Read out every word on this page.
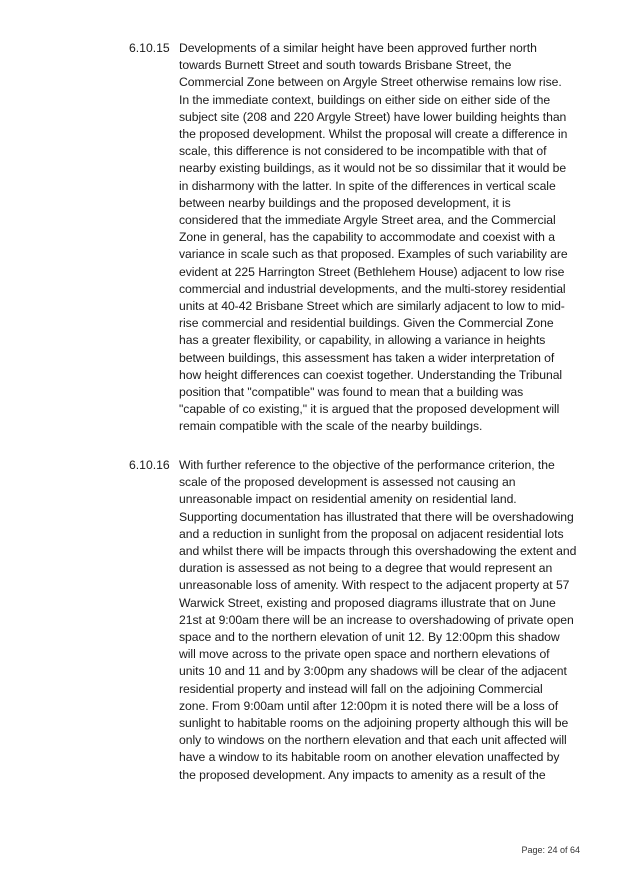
6.10.15 Developments of a similar height have been approved further north
towards Burnett Street and south towards Brisbane Street, the
Commercial Zone between on Argyle Street otherwise remains low rise.
In the immediate context, buildings on either side on either side of the
subject site (208 and 220 Argyle Street) have lower building heights than
the proposed development. Whilst the proposal will create a difference in
scale, this difference is not considered to be incompatible with that of
nearby existing buildings, as it would not be so dissimilar that it would be
in disharmony with the latter. In spite of the differences in vertical scale
between nearby buildings and the proposed development, it is
considered that the immediate Argyle Street area, and the Commercial
Zone in general, has the capability to accommodate and coexist with a
variance in scale such as that proposed. Examples of such variability are
evident at 225 Harrington Street (Bethlehem House) adjacent to low rise
commercial and industrial developments, and the multi-storey residential
units at 40-42 Brisbane Street which are similarly adjacent to low to mid-
rise commercial and residential buildings. Given the Commercial Zone
has a greater flexibility, or capability, in allowing a variance in heights
between buildings, this assessment has taken a wider interpretation of
how height differences can coexist together. Understanding the Tribunal
position that "compatible" was found to mean that a building was
"capable of co existing," it is argued that the proposed development will
remain compatible with the scale of the nearby buildings.
6.10.16 With further reference to the objective of the performance criterion, the
scale of the proposed development is assessed not causing an
unreasonable impact on residential amenity on residential land.
Supporting documentation has illustrated that there will be overshadowing
and a reduction in sunlight from the proposal on adjacent residential lots
and whilst there will be impacts through this overshadowing the extent and
duration is assessed as not being to a degree that would represent an
unreasonable loss of amenity. With respect to the adjacent property at 57
Warwick Street, existing and proposed diagrams illustrate that on June
21st at 9:00am there will be an increase to overshadowing of private open
space and to the northern elevation of unit 12. By 12:00pm this shadow
will move across to the private open space and northern elevations of
units 10 and 11 and by 3:00pm any shadows will be clear of the adjacent
residential property and instead will fall on the adjoining Commercial
zone. From 9:00am until after 12:00pm it is noted there will be a loss of
sunlight to habitable rooms on the adjoining property although this will be
only to windows on the northern elevation and that each unit affected will
have a window to its habitable room on another elevation unaffected by
the proposed development. Any impacts to amenity as a result of the
Page: 24 of 64
